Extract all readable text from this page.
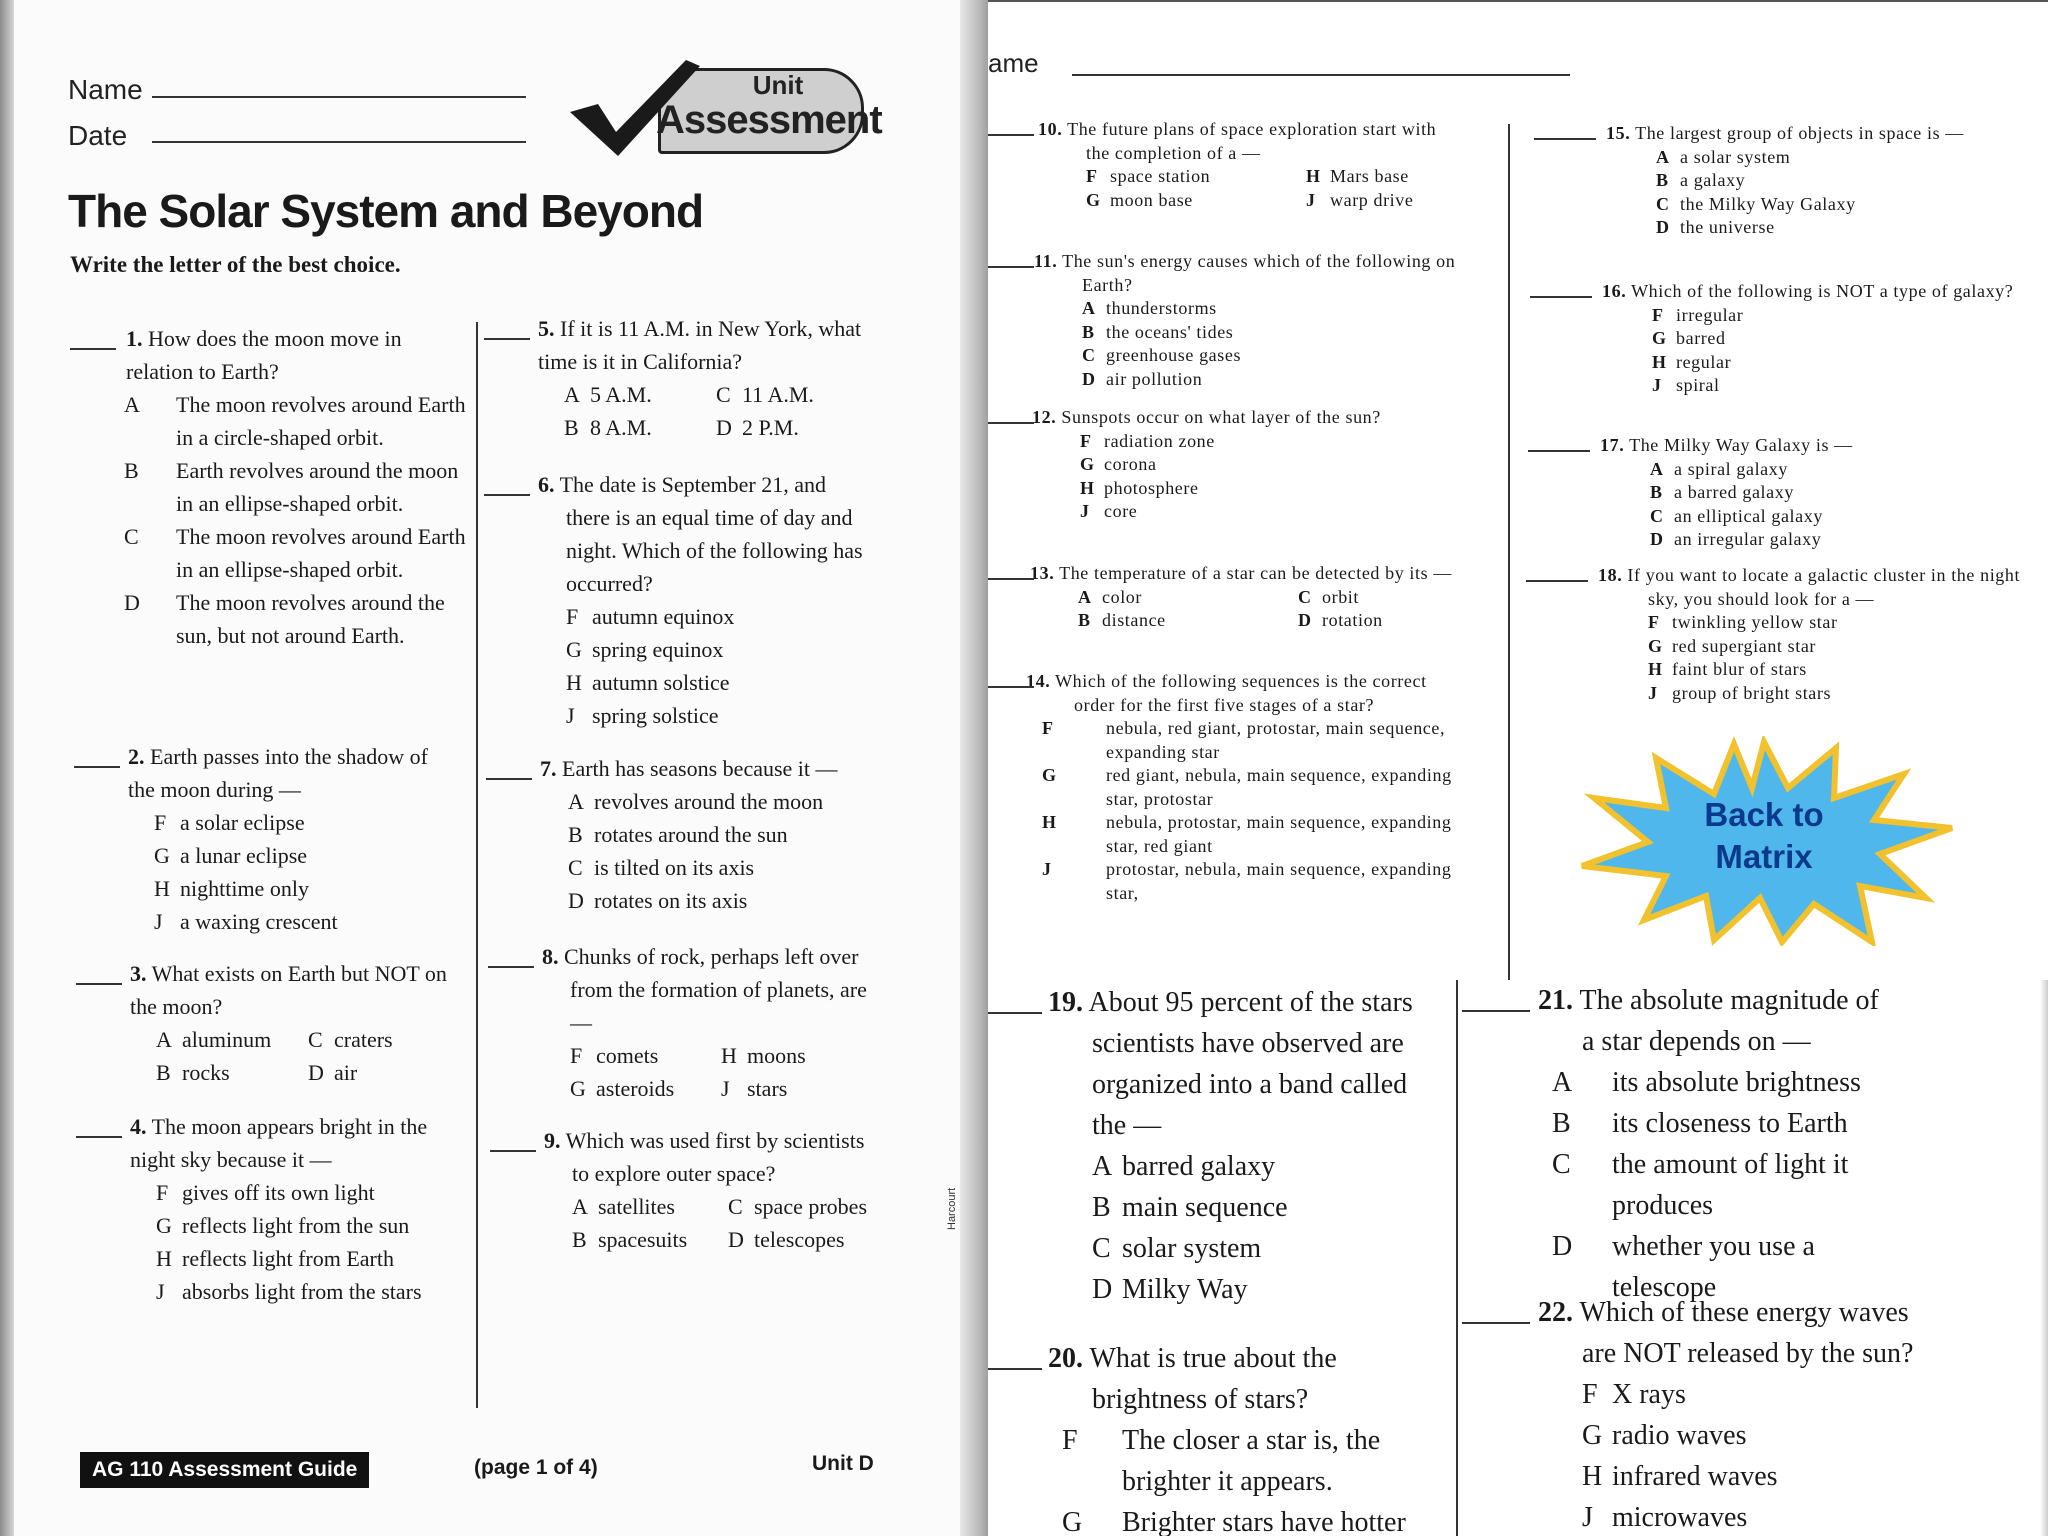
Name
Date
Unit
Assessment
The Solar System and Beyond
Write the letter of the best choice.

1. How does the moon move in relation to Earth?

A The moon revolves around Earth in a circle-shaped orbit.

B Earth revolves around the moon in an ellipse-shaped orbit.

C The moon revolves around Earth in an ellipse-shaped orbit.

D The moon revolves around the sun, but not around Earth.

2. Earth passes into the shadow of the moon during —

F a solar eclipse

G a lunar eclipse

H nighttime only

J a waxing crescent

3. What exists on Earth but NOT on the moon?

A aluminum	C craters

B rocks	D air

4. The moon appears bright in the night sky because it —

F gives off its own light

G reflects light from the sun

H reflects light from Earth

J absorbs light from the stars

5. If it is 11 A.M. in New York, what time is it in California?

A 5 A.M.	C 11 A.M.

B 8 A.M.	D 2 P.M.

6. The date is September 21, and there is an equal time of day and night. Which of the following has occurred?

F autumn equinox

G spring equinox

H autumn solstice

J spring solstice

7. Earth has seasons because it —

A revolves around the moon

B rotates around the sun

C is tilted on its axis

D rotates on its axis

8. Chunks of rock, perhaps left over from the formation of planets, are —

F comets	H moons

G asteroids	J stars

9. Which was used first by scientists to explore outer space?

A satellites	C space probes

B spacesuits	D telescopes

AG 110 Assessment Guide	(page 1 of 4)	Unit D
Harcourt
ame

10. The future plans of space exploration start with the completion of a —

F space station	H Mars base

G moon base	J warp drive

11. The sun's energy causes which of the following on Earth?

A thunderstorms

B the oceans' tides

C greenhouse gases

D air pollution

12. Sunspots occur on what layer of the sun?

F radiation zone

G corona

H photosphere

J core

13. The temperature of a star can be detected by its —

A color	C orbit

B distance	D rotation

14. Which of the following sequences is the correct order for the first five stages of a star?

F	nebula, red giant, protostar, main sequence, expanding star

G	red giant, nebula, main sequence, expanding star, protostar

H	nebula, protostar, main sequence, expanding star, red giant

J	protostar, nebula, main sequence, expanding star,

15. The largest group of objects in space is —

A a solar system

B a galaxy

C the Milky Way Galaxy

D the universe

16. Which of the following is NOT a type of galaxy?

F irregular

G barred

H regular

J spiral

17. The Milky Way Galaxy is —

A a spiral galaxy

B a barred galaxy

C an elliptical galaxy

D an irregular galaxy

18. If you want to locate a galactic cluster in the night sky, you should look for a —

F twinkling yellow star

G red supergiant star

H faint blur of stars

J group of bright stars

19. About 95 percent of the stars scientists have observed are organized into a band called the —

A barred galaxy

B main sequence

C solar system

D Milky Way

20. What is true about the brightness of stars?

F The closer a star is, the brighter it appears.

G Brighter stars have hotter

21. The absolute magnitude of a star depends on —

A its absolute brightness

B its closeness to Earth

C the amount of light it produces

D whether you use a telescope

22. Which of these energy waves are NOT released by the sun?

F X rays

G radio waves

H infrared waves

J microwaves

Back to
Matrix
